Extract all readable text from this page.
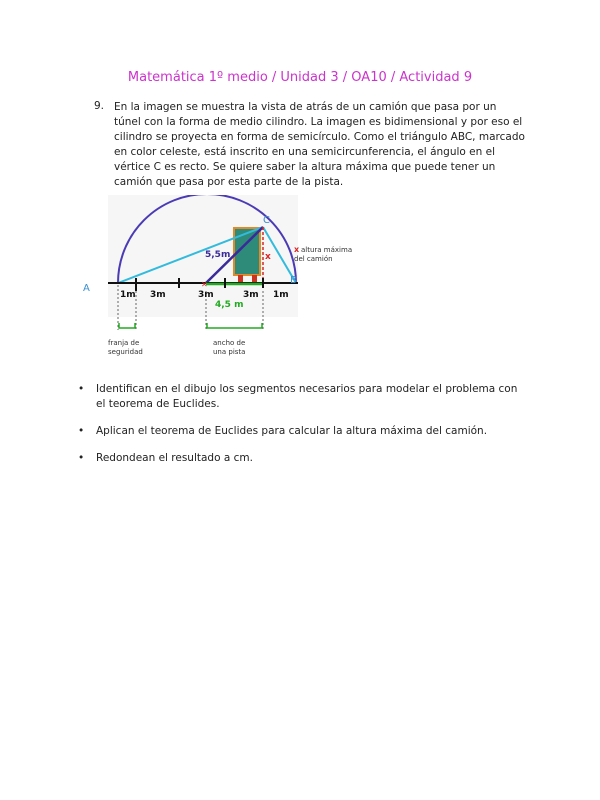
Matemática 1º medio / Unidad 3 / OA10 / Actividad 9
9. En la imagen se muestra la vista de atrás de un camión que pasa por un túnel con la forma de medio cilindro. La imagen es bidimensional y por eso el cilindro se proyecta en forma de semicírculo. Como el triángulo ABC, marcado en color celeste, está inscrito en una semicircunferencia, el ángulo en el vértice C es recto. Se quiere saber la altura máxima que puede tener un camión que pasa por esta parte de la pista.
✕
A
B
C
5,5m	x
x altura máxima
del camión
1m 3m	3m	3m 1m
4,5 m
franja de
seguridad
ancho de
una pista
• Identifican en el dibujo los segmentos necesarios para modelar el problema con el teorema de Euclides.
• Aplican el teorema de Euclides para calcular la altura máxima del camión.
• Redondean el resultado a cm.
